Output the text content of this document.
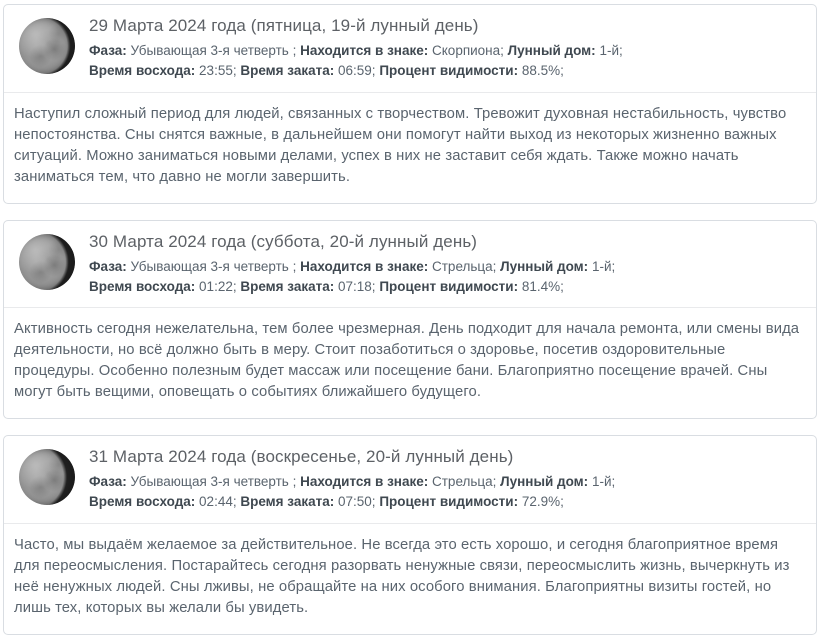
29 Марта 2024 года (пятница, 19-й лунный день)
Фаза: Убывающая 3-я четверть ; Находится в знаке: Скорпиона; Лунный дом: 1-й;
Время восхода: 23:55; Время заката: 06:59; Процент видимости: 88.5%;
Наступил сложный период для людей, связанных с творчеством. Тревожит духовная нестабильность, чувство непостоянства. Сны снятся важные, в дальнейшем они помогут найти выход из некоторых жизненно важных ситуаций. Можно заниматься новыми делами, успех в них не заставит себя ждать. Также можно начать заниматься тем, что давно не могли завершить.
30 Марта 2024 года (суббота, 20-й лунный день)
Фаза: Убывающая 3-я четверть ; Находится в знаке: Стрельца; Лунный дом: 1-й;
Время восхода: 01:22; Время заката: 07:18; Процент видимости: 81.4%;
Активность сегодня нежелательна, тем более чрезмерная. День подходит для начала ремонта, или смены вида деятельности, но всё должно быть в меру. Стоит позаботиться о здоровье, посетив оздоровительные процедуры. Особенно полезным будет массаж или посещение бани. Благоприятно посещение врачей. Сны могут быть вещими, оповещать о событиях ближайшего будущего.
31 Марта 2024 года (воскресенье, 20-й лунный день)
Фаза: Убывающая 3-я четверть ; Находится в знаке: Стрельца; Лунный дом: 1-й;
Время восхода: 02:44; Время заката: 07:50; Процент видимости: 72.9%;
Часто, мы выдаём желаемое за действительное. Не всегда это есть хорошо, и сегодня благоприятное время для переосмысления. Постарайтесь сегодня разорвать ненужные связи, переосмыслить жизнь, вычеркнуть из неё ненужных людей. Сны лживы, не обращайте на них особого внимания. Благоприятны визиты гостей, но лишь тех, которых вы желали бы увидеть.
